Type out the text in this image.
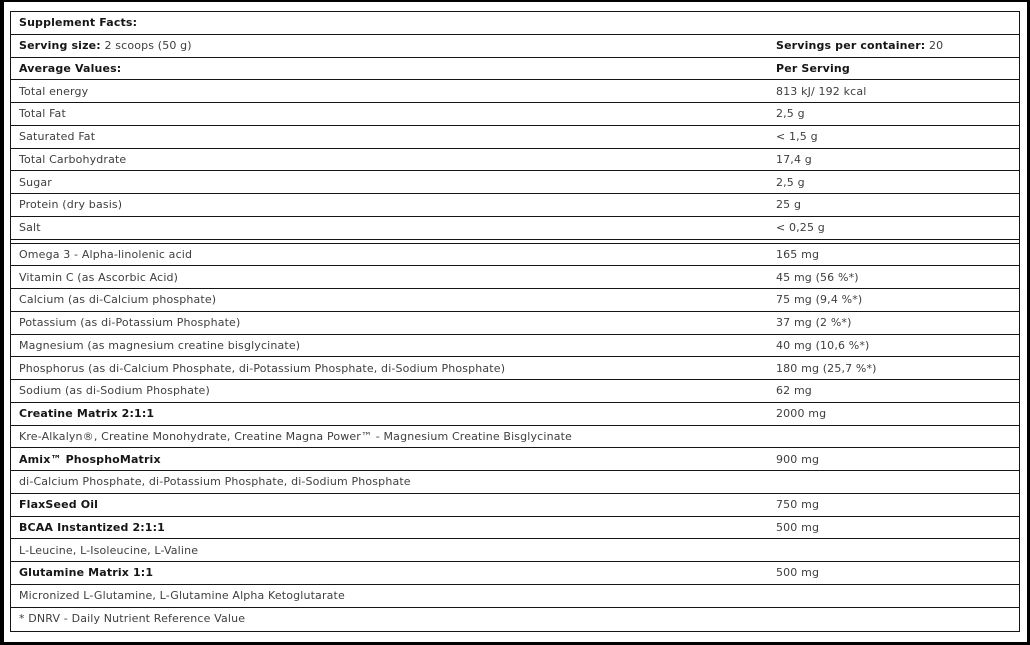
Supplement Facts:
Serving size: 2 scoops (50 g)	Servings per container: 20
Average Values:	Per Serving
Total energy	813 kJ/ 192 kcal
Total Fat	2,5 g
Saturated Fat	< 1,5 g
Total Carbohydrate	17,4 g
Sugar	2,5 g
Protein (dry basis)	25 g
Salt	< 0,25 g
Omega 3 - Alpha-linolenic acid	165 mg
Vitamin C (as Ascorbic Acid)	45 mg (56 %*)
Calcium (as di-Calcium phosphate)	75 mg (9,4 %*)
Potassium (as di-Potassium Phosphate)	37 mg (2 %*)
Magnesium (as magnesium creatine bisglycinate)	40 mg (10,6 %*)
Phosphorus (as di-Calcium Phosphate, di-Potassium Phosphate, di-Sodium Phosphate)	180 mg (25,7 %*)
Sodium (as di-Sodium Phosphate)	62 mg
Creatine Matrix 2:1:1	2000 mg
Kre-Alkalyn®, Creatine Monohydrate, Creatine Magna Power™ - Magnesium Creatine Bisglycinate
Amix™ PhosphoMatrix	900 mg
di-Calcium Phosphate, di-Potassium Phosphate, di-Sodium Phosphate
FlaxSeed Oil	750 mg
BCAA Instantized 2:1:1	500 mg
L-Leucine, L-Isoleucine, L-Valine
Glutamine Matrix 1:1	500 mg
Micronized L-Glutamine, L-Glutamine Alpha Ketoglutarate
* DNRV - Daily Nutrient Reference Value
